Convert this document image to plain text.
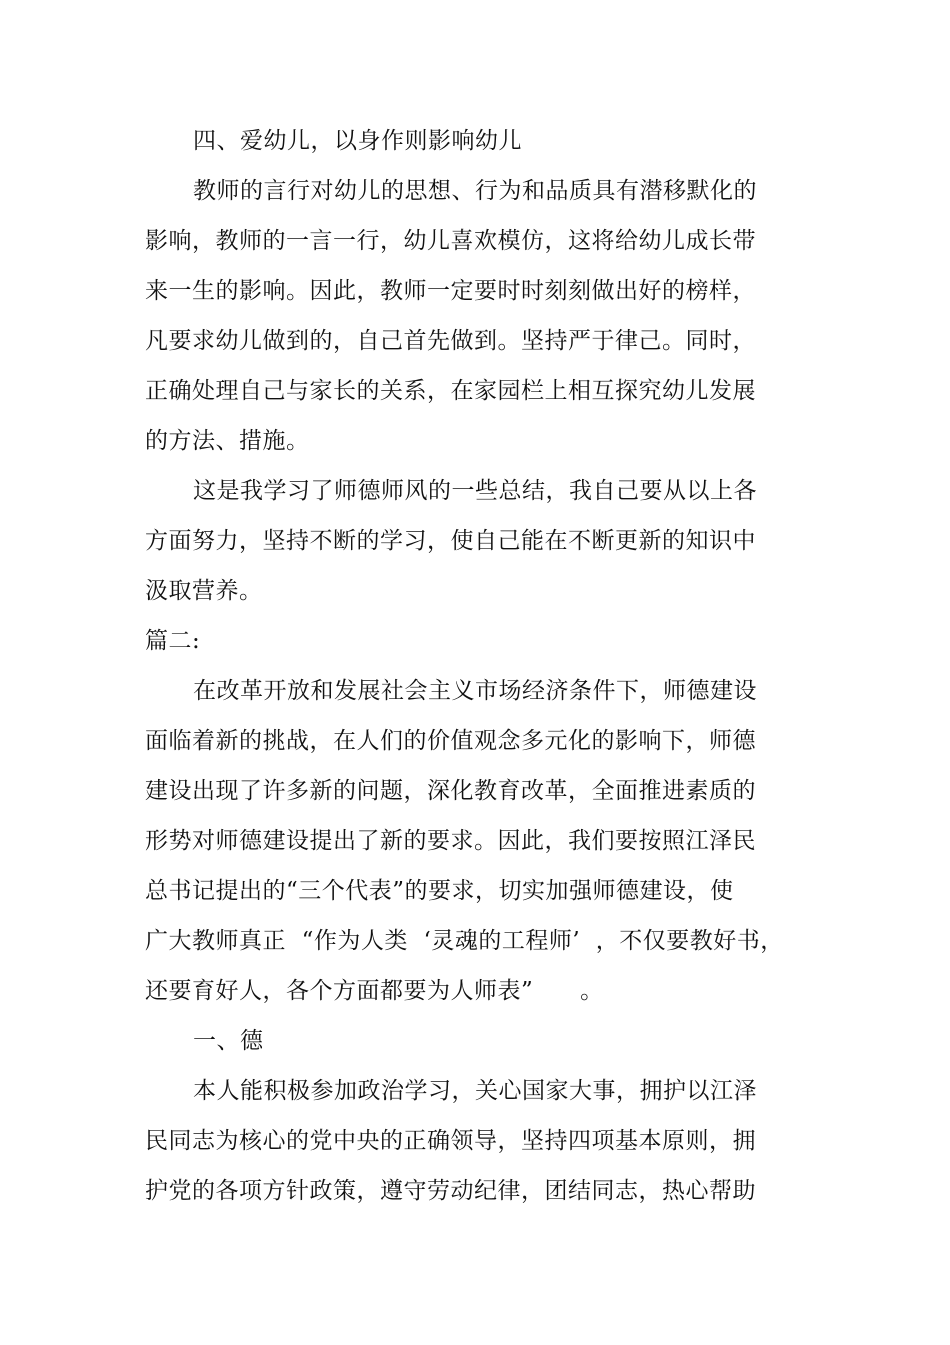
四、爱幼儿，以身作则影响幼儿
教师的言行对幼儿的思想、行为和品质具有潜移默化的
影响，教师的一言一行，幼儿喜欢模仿，这将给幼儿成长带
来一生的影响。因此，教师一定要时时刻刻做出好的榜样，
凡要求幼儿做到的，自己首先做到。坚持严于律己。同时，
正确处理自己与家长的关系，在家园栏上相互探究幼儿发展
的方法、措施。
这是我学习了师德师风的一些总结，我自己要从以上各
方面努力，坚持不断的学习，使自己能在不断更新的知识中
汲取营养。
篇二:
在改革开放和发展社会主义市场经济条件下，师德建设
面临着新的挑战，在人们的价值观念多元化的影响下，师德
建设出现了许多新的问题，深化教育改革，全面推进素质的
形势对师德建设提出了新的要求。因此，我们要按照江泽民
总书记提出的“三个代表”的要求，切实加强师德建设，使
广大教师真正  “作为人类  ‘灵魂的工程师’  ，不仅要教好书，
还要育好人，各个方面都要为人师表”      。
一、德
本人能积极参加政治学习，关心国家大事，拥护以江泽
民同志为核心的党中央的正确领导，坚持四项基本原则，拥
护党的各项方针政策，遵守劳动纪律，团结同志，热心帮助
